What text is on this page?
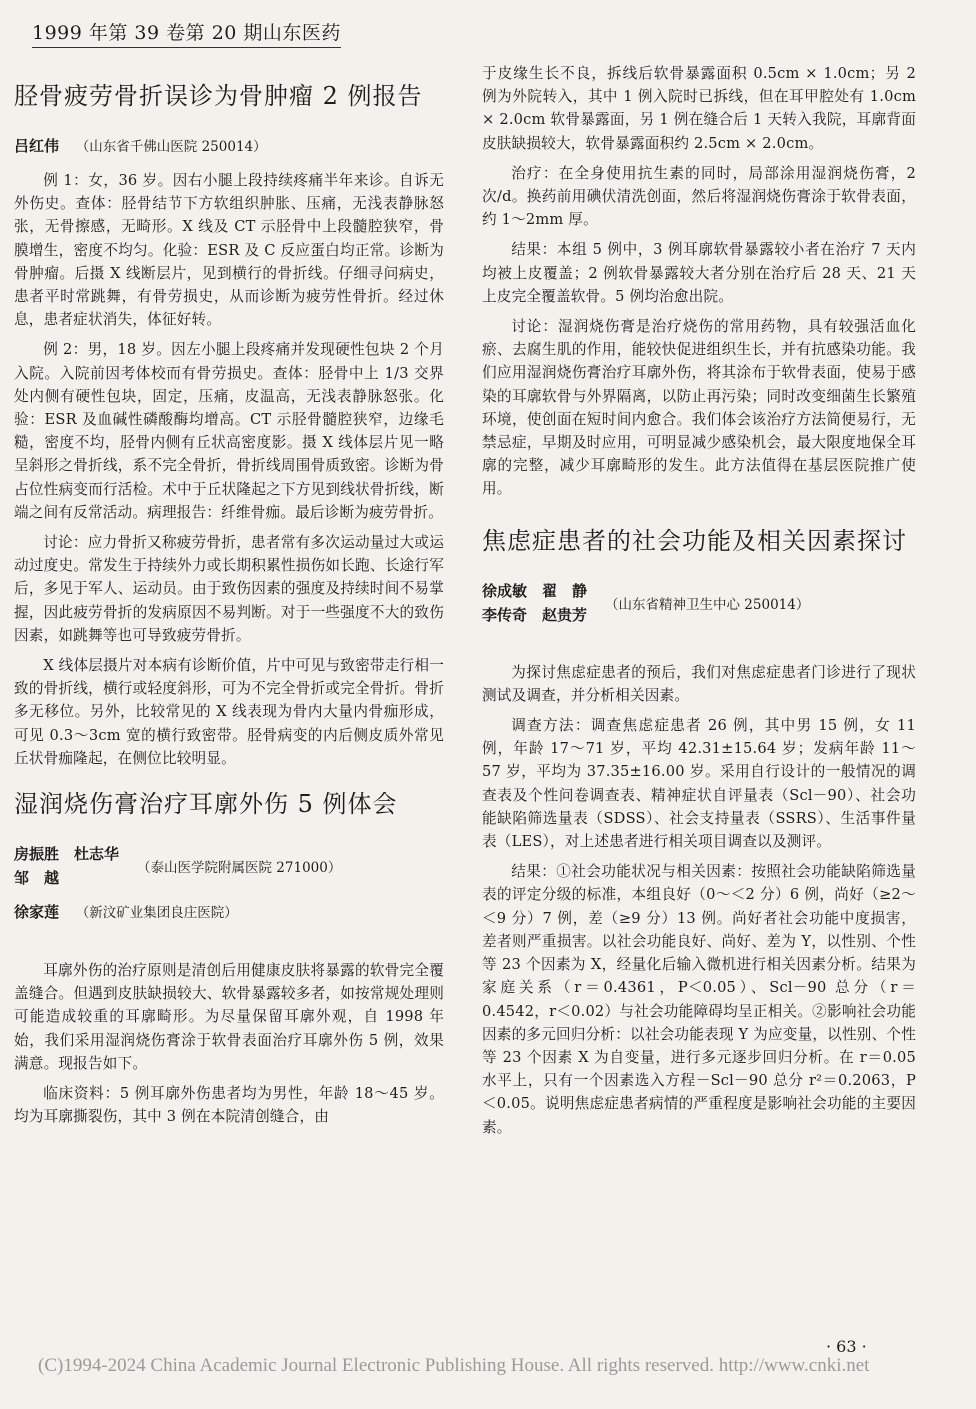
1999 年第 39 卷第 20 期山东医药
胫骨疲劳骨折误诊为骨肿瘤 2 例报告
吕红伟 （山东省千佛山医院 250014）

例 1：女，36 岁。因右小腿上段持续疼痛半年来诊。自诉无外伤史。查体：胫骨结节下方软组织肿胀、压痛，无浅表静脉怒张，无骨擦感，无畸形。X 线及 CT 示胫骨中上段髓腔狭窄，骨膜增生，密度不均匀。化验：ESR 及 C 反应蛋白均正常。诊断为骨肿瘤。后摄 X 线断层片，见到横行的骨折线。仔细寻问病史，患者平时常跳舞，有骨劳损史，从而诊断为疲劳性骨折。经过休息，患者症状消失，体征好转。

例 2：男，18 岁。因左小腿上段疼痛并发现硬性包块 2 个月入院。入院前因考体校而有骨劳损史。查体：胫骨中上 1/3 交界处内侧有硬性包块，固定，压痛，皮温高，无浅表静脉怒张。化验：ESR 及血碱性磷酸酶均增高。CT 示胫骨髓腔狭窄，边缘毛糙，密度不均，胫骨内侧有丘状高密度影。摄 X 线体层片见一略呈斜形之骨折线，系不完全骨折，骨折线周围骨质致密。诊断为骨占位性病变而行活检。术中于丘状隆起之下方见到线状骨折线，断端之间有反常活动。病理报告：纤维骨痂。最后诊断为疲劳骨折。

讨论：应力骨折又称疲劳骨折，患者常有多次运动量过大或运动过度史。常发生于持续外力或长期积累性损伤如长跑、长途行军后，多见于军人、运动员。由于致伤因素的强度及持续时间不易掌握，因此疲劳骨折的发病原因不易判断。对于一些强度不大的致伤因素，如跳舞等也可导致疲劳骨折。

X 线体层摄片对本病有诊断价值，片中可见与致密带走行相一致的骨折线，横行或轻度斜形，可为不完全骨折或完全骨折。骨折多无移位。另外，比较常见的 X 线表现为骨内大量内骨痂形成，可见 0.3～3cm 宽的横行致密带。胫骨病变的内后侧皮质外常见丘状骨痂隆起，在侧位比较明显。

湿润烧伤膏治疗耳廓外伤 5 例体会
房振胜　杜志华
邹　越
（泰山医学院附属医院 271000）
徐家莲 （新汶矿业集团良庄医院）

耳廓外伤的治疗原则是清创后用健康皮肤将暴露的软骨完全覆盖缝合。但遇到皮肤缺损较大、软骨暴露较多者，如按常规处理则可能造成较重的耳廓畸形。为尽量保留耳廓外观，自 1998 年始，我们采用湿润烧伤膏涂于软骨表面治疗耳廓外伤 5 例，效果满意。现报告如下。

临床资料：5 例耳廓外伤患者均为男性，年龄 18～45 岁。均为耳廓撕裂伤，其中 3 例在本院清创缝合，由

于皮缘生长不良，拆线后软骨暴露面积 0.5cm × 1.0cm；另 2 例为外院转入，其中 1 例入院时已拆线，但在耳甲腔处有 1.0cm × 2.0cm 软骨暴露面，另 1 例在缝合后 1 天转入我院，耳廓背面皮肤缺损较大，软骨暴露面积约 2.5cm × 2.0cm。

治疗：在全身使用抗生素的同时，局部涂用湿润烧伤膏，2 次/d。换药前用碘伏清洗创面，然后将湿润烧伤膏涂于软骨表面，约 1～2mm 厚。

结果：本组 5 例中，3 例耳廓软骨暴露较小者在治疗 7 天内均被上皮覆盖；2 例软骨暴露较大者分别在治疗后 28 天、21 天上皮完全覆盖软骨。5 例均治愈出院。

讨论：湿润烧伤膏是治疗烧伤的常用药物，具有较强活血化瘀、去腐生肌的作用，能较快促进组织生长，并有抗感染功能。我们应用湿润烧伤膏治疗耳廓外伤，将其涂布于软骨表面，使易于感染的耳廓软骨与外界隔离，以防止再污染；同时改变细菌生长繁殖环境，使创面在短时间内愈合。我们体会该治疗方法简便易行，无禁忌症，早期及时应用，可明显减少感染机会，最大限度地保全耳廓的完整，减少耳廓畸形的发生。此方法值得在基层医院推广使用。

焦虑症患者的社会功能及相关因素探讨
徐成敏　翟　静
李传奇　赵贵芳
（山东省精神卫生中心 250014）

为探讨焦虑症患者的预后，我们对焦虑症患者门诊进行了现状测试及调查，并分析相关因素。

调查方法：调查焦虑症患者 26 例，其中男 15 例，女 11 例，年龄 17～71 岁，平均 42.31±15.64 岁；发病年龄 11～57 岁，平均为 37.35±16.00 岁。采用自行设计的一般情况的调查表及个性问卷调查表、精神症状自评量表（Scl－90）、社会功能缺陷筛选量表（SDSS）、社会支持量表（SSRS）、生活事件量表（LES），对上述患者进行相关项目调查以及测评。

结果：①社会功能状况与相关因素：按照社会功能缺陷筛选量表的评定分级的标准，本组良好（0～＜2 分）6 例，尚好（≥2～＜9 分）7 例，差（≥9 分）13 例。尚好者社会功能中度损害，差者则严重损害。以社会功能良好、尚好、差为 Y，以性别、个性等 23 个因素为 X，经量化后输入微机进行相关因素分析。结果为家庭关系（r＝0.4361，P＜0.05）、Scl－90 总分（r＝0.4542，r＜0.02）与社会功能障碍均呈正相关。②影响社会功能因素的多元回归分析：以社会功能表现 Y 为应变量，以性别、个性等 23 个因素 X 为自变量，进行多元逐步回归分析。在 r＝0.05 水平上，只有一个因素选入方程－Scl－90 总分 r²＝0.2063，P＜0.05。说明焦虑症患者病情的严重程度是影响社会功能的主要因素。

· 63 ·
(C)1994-2024 China Academic Journal Electronic Publishing House. All rights reserved. http://www.cnki.net
